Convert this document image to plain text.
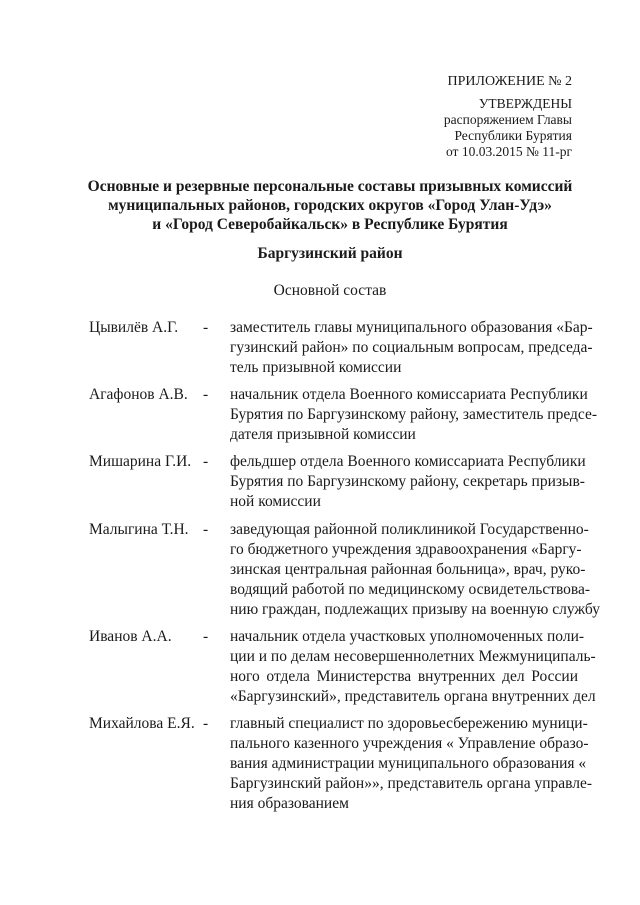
ПРИЛОЖЕНИЕ № 2
УТВЕРЖДЕНЫ
распоряжением Главы
Республики Бурятия
от 10.03.2015 № 11-рг
Основные и резервные персональные составы призывных комиссий
муниципальных районов, городских округов «Город Улан-Удэ»
и «Город Северобайкальск» в Республике Бурятия
Баргузинский район
Основной состав
Цывилёв А.Г. - заместитель главы муниципального образования «Бар-
гузинский район» по социальным вопросам, председа-
тель призывной комиссии
Агафонов А.В. - начальник отдела Военного комиссариата Республики
Бурятия по Баргузинскому району, заместитель предсе-
дателя призывной комиссии
Мишарина Г.И. - фельдшер отдела Военного комиссариата Республики
Бурятия по Баргузинскому району, секретарь призыв-
ной комиссии
Малыгина Т.Н. - заведующая районной поликлиникой Государственно-
го бюджетного учреждения здравоохранения «Баргу-
зинская центральная районная больница», врач, руко-
водящий работой по медицинскому освидетельствова-
нию граждан, подлежащих призыву на военную службу
Иванов А.А. - начальник отдела участковых уполномоченных поли-
ции и по делам несовершеннолетних Межмуниципаль-
ного отдела Министерства внутренних дел России
«Баргузинский», представитель органа внутренних дел
Михайлова Е.Я. - главный специалист по здоровьесбережению муници-
пального казенного учреждения « Управление образо-
вания администрации муниципального образования «
Баргузинский район»», представитель органа управле-
ния образованием
